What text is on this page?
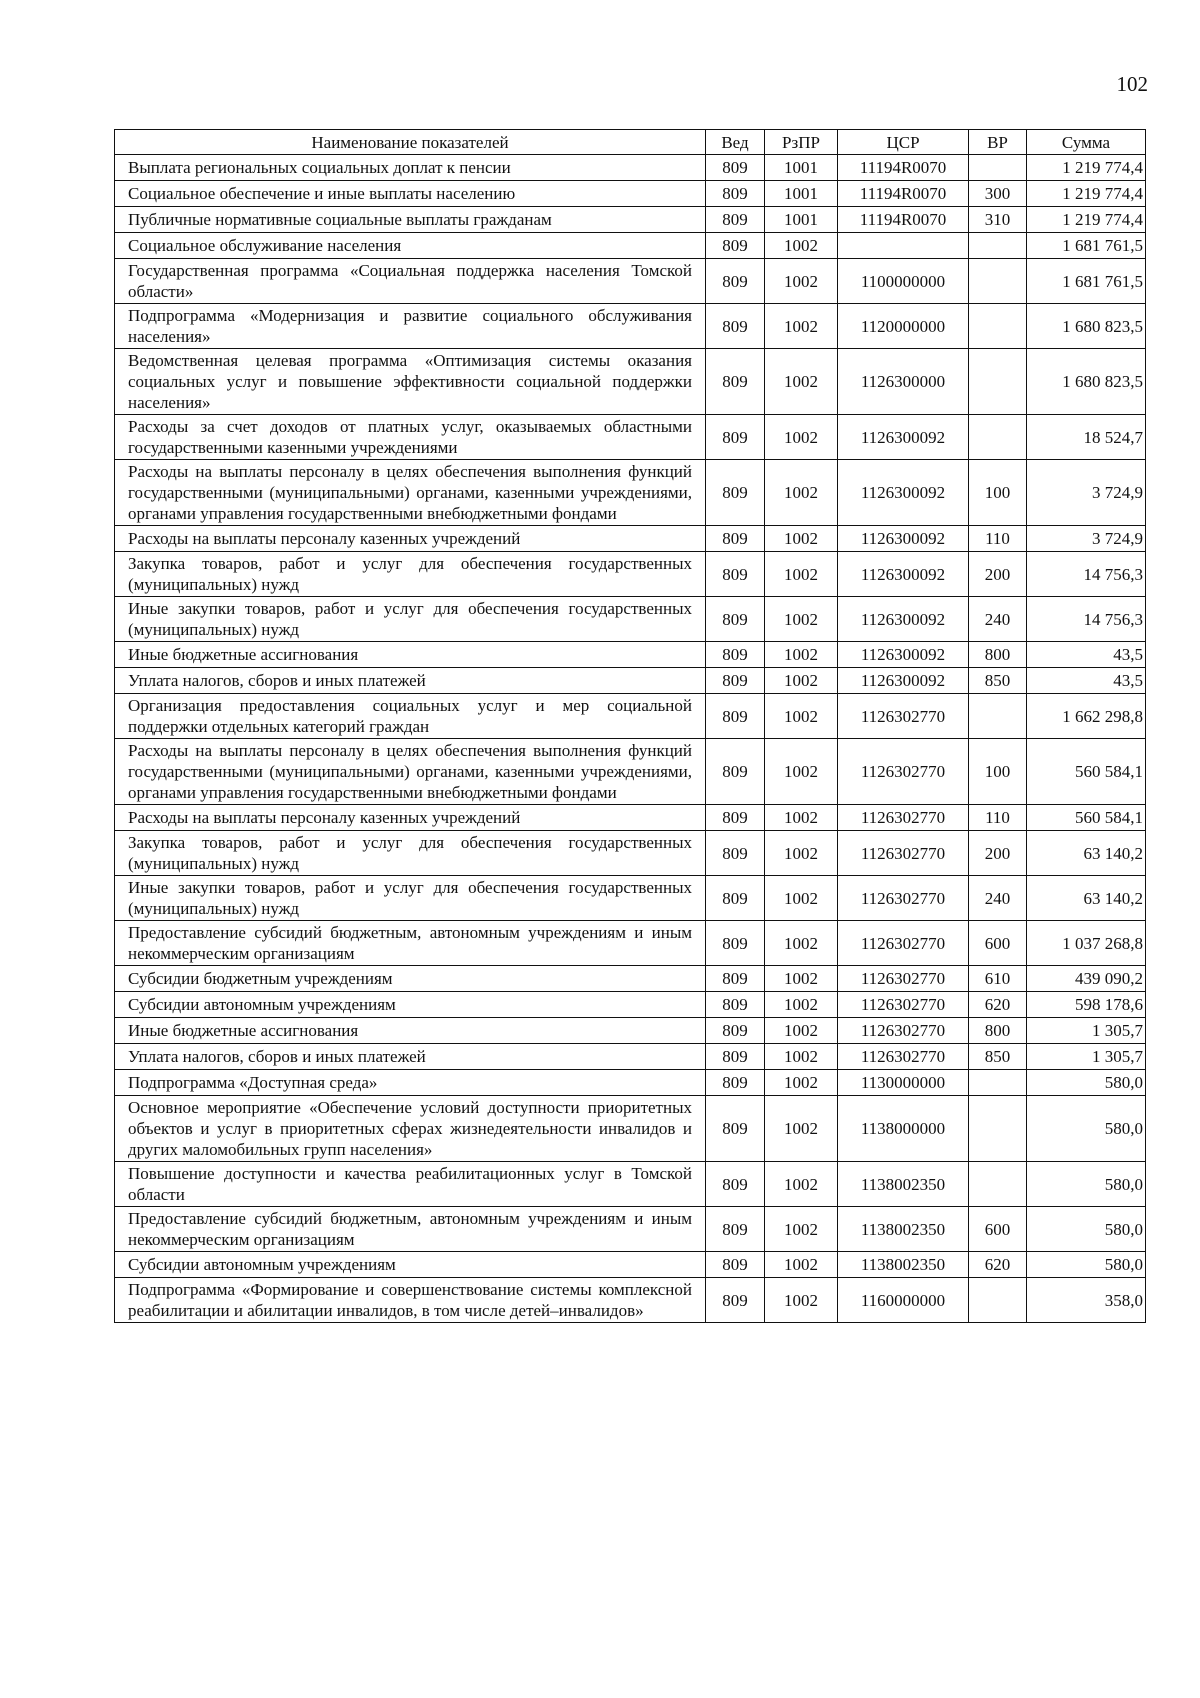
102
Наименование показателей	Вед	РзПР	ЦСР	ВР	Сумма
Выплата региональных социальных доплат к пенсии	809	1001	11194R0070		1 219 774,4
Социальное обеспечение и иные выплаты населению	809	1001	11194R0070	300	1 219 774,4
Публичные нормативные социальные выплаты гражданам	809	1001	11194R0070	310	1 219 774,4
Социальное обслуживание населения	809	1002			1 681 761,5
Государственная программа «Социальная поддержка населения Томской области»	809	1002	1100000000		1 681 761,5
Подпрограмма «Модернизация и развитие социального обслуживания населения»	809	1002	1120000000		1 680 823,5
Ведомственная целевая программа «Оптимизация системы оказания социальных услуг и повышение эффективности социальной поддержки населения»	809	1002	1126300000		1 680 823,5
Расходы за счет доходов от платных услуг, оказываемых областными государственными казенными учреждениями	809	1002	1126300092		18 524,7
Расходы на выплаты персоналу в целях обеспечения выполнения функций государственными (муниципальными) органами, казенными учреждениями, органами управления государственными внебюджетными фондами	809	1002	1126300092	100	3 724,9
Расходы на выплаты персоналу казенных учреждений	809	1002	1126300092	110	3 724,9
Закупка товаров, работ и услуг для обеспечения государственных (муниципальных) нужд	809	1002	1126300092	200	14 756,3
Иные закупки товаров, работ и услуг для обеспечения государственных (муниципальных) нужд	809	1002	1126300092	240	14 756,3
Иные бюджетные ассигнования	809	1002	1126300092	800	43,5
Уплата налогов, сборов и иных платежей	809	1002	1126300092	850	43,5
Организация предоставления социальных услуг и мер социальной поддержки отдельных категорий граждан	809	1002	1126302770		1 662 298,8
Расходы на выплаты персоналу в целях обеспечения выполнения функций государственными (муниципальными) органами, казенными учреждениями, органами управления государственными внебюджетными фондами	809	1002	1126302770	100	560 584,1
Расходы на выплаты персоналу казенных учреждений	809	1002	1126302770	110	560 584,1
Закупка товаров, работ и услуг для обеспечения государственных (муниципальных) нужд	809	1002	1126302770	200	63 140,2
Иные закупки товаров, работ и услуг для обеспечения государственных (муниципальных) нужд	809	1002	1126302770	240	63 140,2
Предоставление субсидий бюджетным, автономным учреждениям и иным некоммерческим организациям	809	1002	1126302770	600	1 037 268,8
Субсидии бюджетным учреждениям	809	1002	1126302770	610	439 090,2
Субсидии автономным учреждениям	809	1002	1126302770	620	598 178,6
Иные бюджетные ассигнования	809	1002	1126302770	800	1 305,7
Уплата налогов, сборов и иных платежей	809	1002	1126302770	850	1 305,7
Подпрограмма «Доступная среда»	809	1002	1130000000		580,0
Основное мероприятие «Обеспечение условий доступности приоритетных объектов и услуг в приоритетных сферах жизнедеятельности инвалидов и других маломобильных групп населения»	809	1002	1138000000		580,0
Повышение доступности и качества реабилитационных услуг в Томской области	809	1002	1138002350		580,0
Предоставление субсидий бюджетным, автономным учреждениям и иным некоммерческим организациям	809	1002	1138002350	600	580,0
Субсидии автономным учреждениям	809	1002	1138002350	620	580,0
Подпрограмма «Формирование и совершенствование системы комплексной реабилитации и абилитации инвалидов, в том числе детей–инвалидов»	809	1002	1160000000		358,0
